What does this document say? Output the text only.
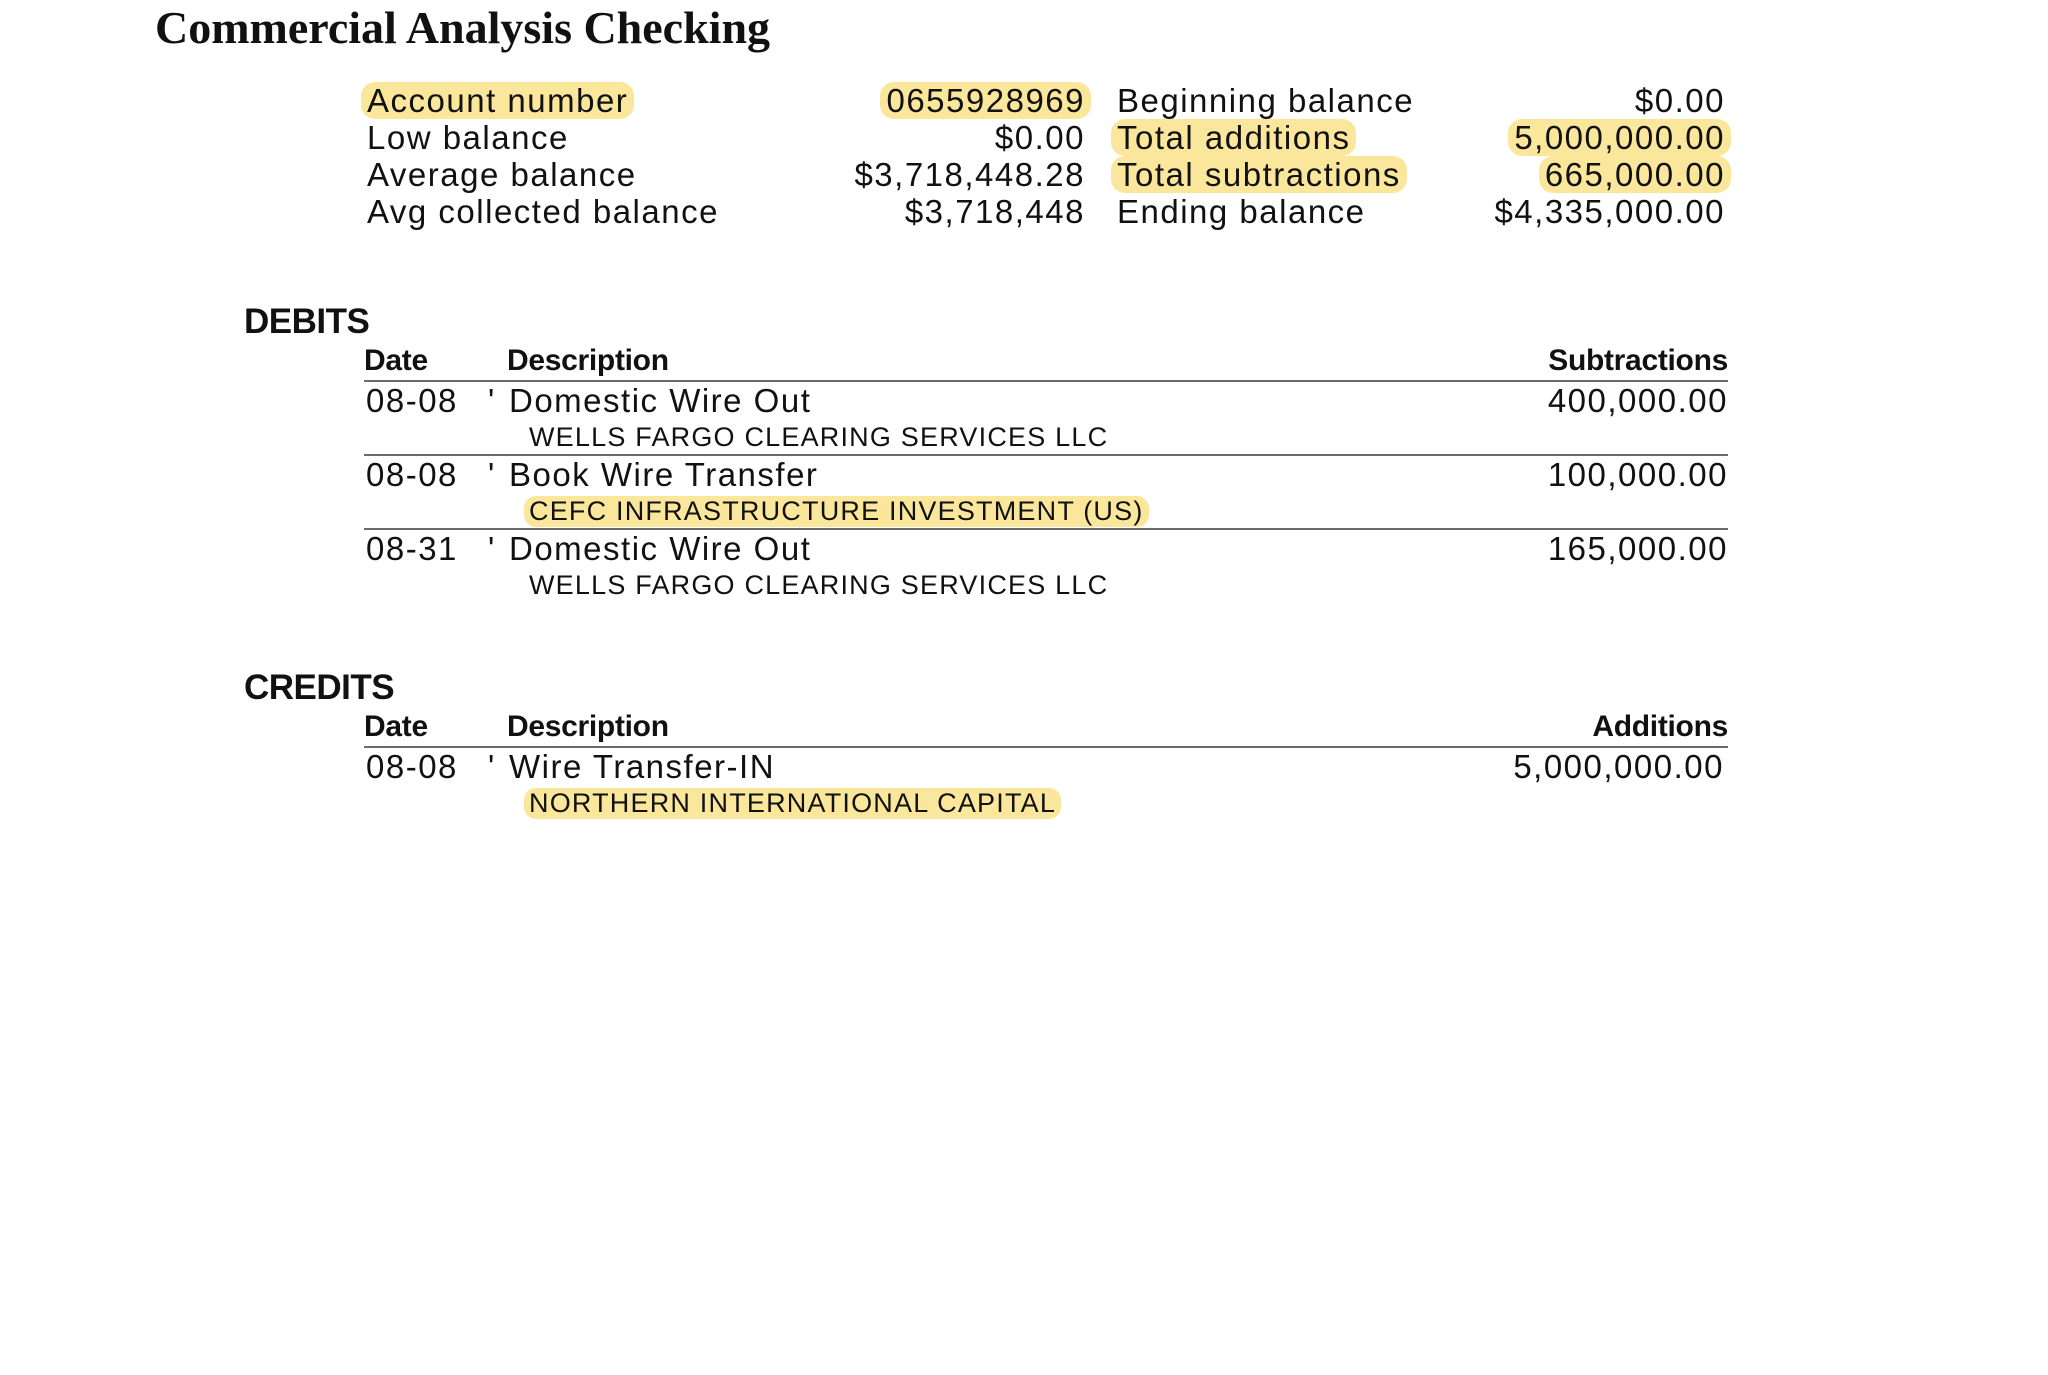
Commercial Analysis Checking
Account number	0655928969 Beginning balance	$0.00
Low balance	$0.00 Total additions	5,000,000.00
Average balance	$3,718,448.28 Total subtractions	665,000.00
Avg collected balance	$3,718,448 Ending balance	$4,335,000.00
DEBITS
Date	Description	Subtractions
08-08 ' Domestic Wire Out	400,000.00
WELLS FARGO CLEARING SERVICES LLC
08-08 ' Book Wire Transfer	100,000.00
CEFC INFRASTRUCTURE INVESTMENT (US)
08-31 ' Domestic Wire Out	165,000.00
WELLS FARGO CLEARING SERVICES LLC
CREDITS
Date	Description	Additions
08-08 ' Wire Transfer-IN	5,000,000.00
NORTHERN INTERNATIONAL CAPITAL
